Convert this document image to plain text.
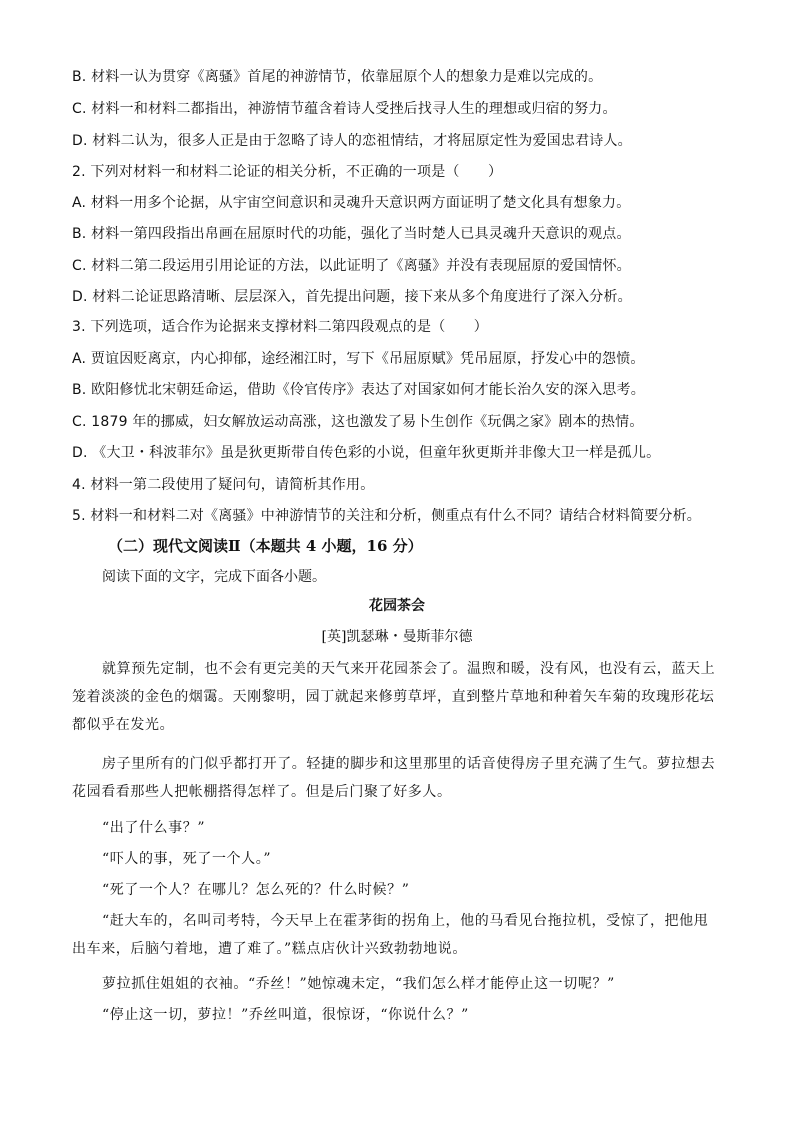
B. 材料一认为贯穿《离骚》首尾的神游情节，依靠屈原个人的想象力是难以完成的。
C. 材料一和材料二都指出，神游情节蕴含着诗人受挫后找寻人生的理想或归宿的努力。
D. 材料二认为，很多人正是由于忽略了诗人的恋祖情结，才将屈原定性为爱国忠君诗人。
2. 下列对材料一和材料二论证的相关分析，不正确的一项是（　　）
A. 材料一用多个论据，从宇宙空间意识和灵魂升天意识两方面证明了楚文化具有想象力。
B. 材料一第四段指出帛画在屈原时代的功能，强化了当时楚人已具灵魂升天意识的观点。
C. 材料二第二段运用引用论证的方法，以此证明了《离骚》并没有表现屈原的爱国情怀。
D. 材料二论证思路清晰、层层深入，首先提出问题，接下来从多个角度进行了深入分析。
3. 下列选项，适合作为论据来支撑材料二第四段观点的是（　　）
A. 贾谊因贬离京，内心抑郁，途经湘江时，写下《吊屈原赋》凭吊屈原，抒发心中的怨愤。
B. 欧阳修忧北宋朝廷命运，借助《伶官传序》表达了对国家如何才能长治久安的深入思考。
C. 1879 年的挪威，妇女解放运动高涨，这也激发了易卜生创作《玩偶之家》剧本的热情。
D. 《大卫・科波菲尔》虽是狄更斯带自传色彩的小说，但童年狄更斯并非像大卫一样是孤儿。
4. 材料一第二段使用了疑问句，请简析其作用。
5. 材料一和材料二对《离骚》中神游情节的关注和分析，侧重点有什么不同？请结合材料简要分析。
（二）现代文阅读Ⅱ（本题共 4 小题，16 分）
阅读下面的文字，完成下面各小题。
花园茶会
[英]凯瑟琳・曼斯菲尔德

就算预先定制，也不会有更完美的天气来开花园茶会了。温煦和暖，没有风，也没有云，蓝天上笼着淡淡的金色的烟霭。天刚黎明，园丁就起来修剪草坪，直到整片草地和种着矢车菊的玫瑰形花坛都似乎在发光。

房子里所有的门似乎都打开了。轻捷的脚步和这里那里的话音使得房子里充满了生气。萝拉想去花园看看那些人把帐棚搭得怎样了。但是后门聚了好多人。

“出了什么事？”

“吓人的事，死了一个人。”

“死了一个人？在哪儿？怎么死的？什么时候？”

“赶大车的，名叫司考特，今天早上在霍茅街的拐角上，他的马看见台拖拉机，受惊了，把他甩出车来，后脑勺着地，遭了难了。”糕点店伙计兴致勃勃地说。

萝拉抓住姐姐的衣袖。“乔丝！”她惊魂未定，“我们怎么样才能停止这一切呢？”

“停止这一切，萝拉！”乔丝叫道，很惊讶，“你说什么？”
